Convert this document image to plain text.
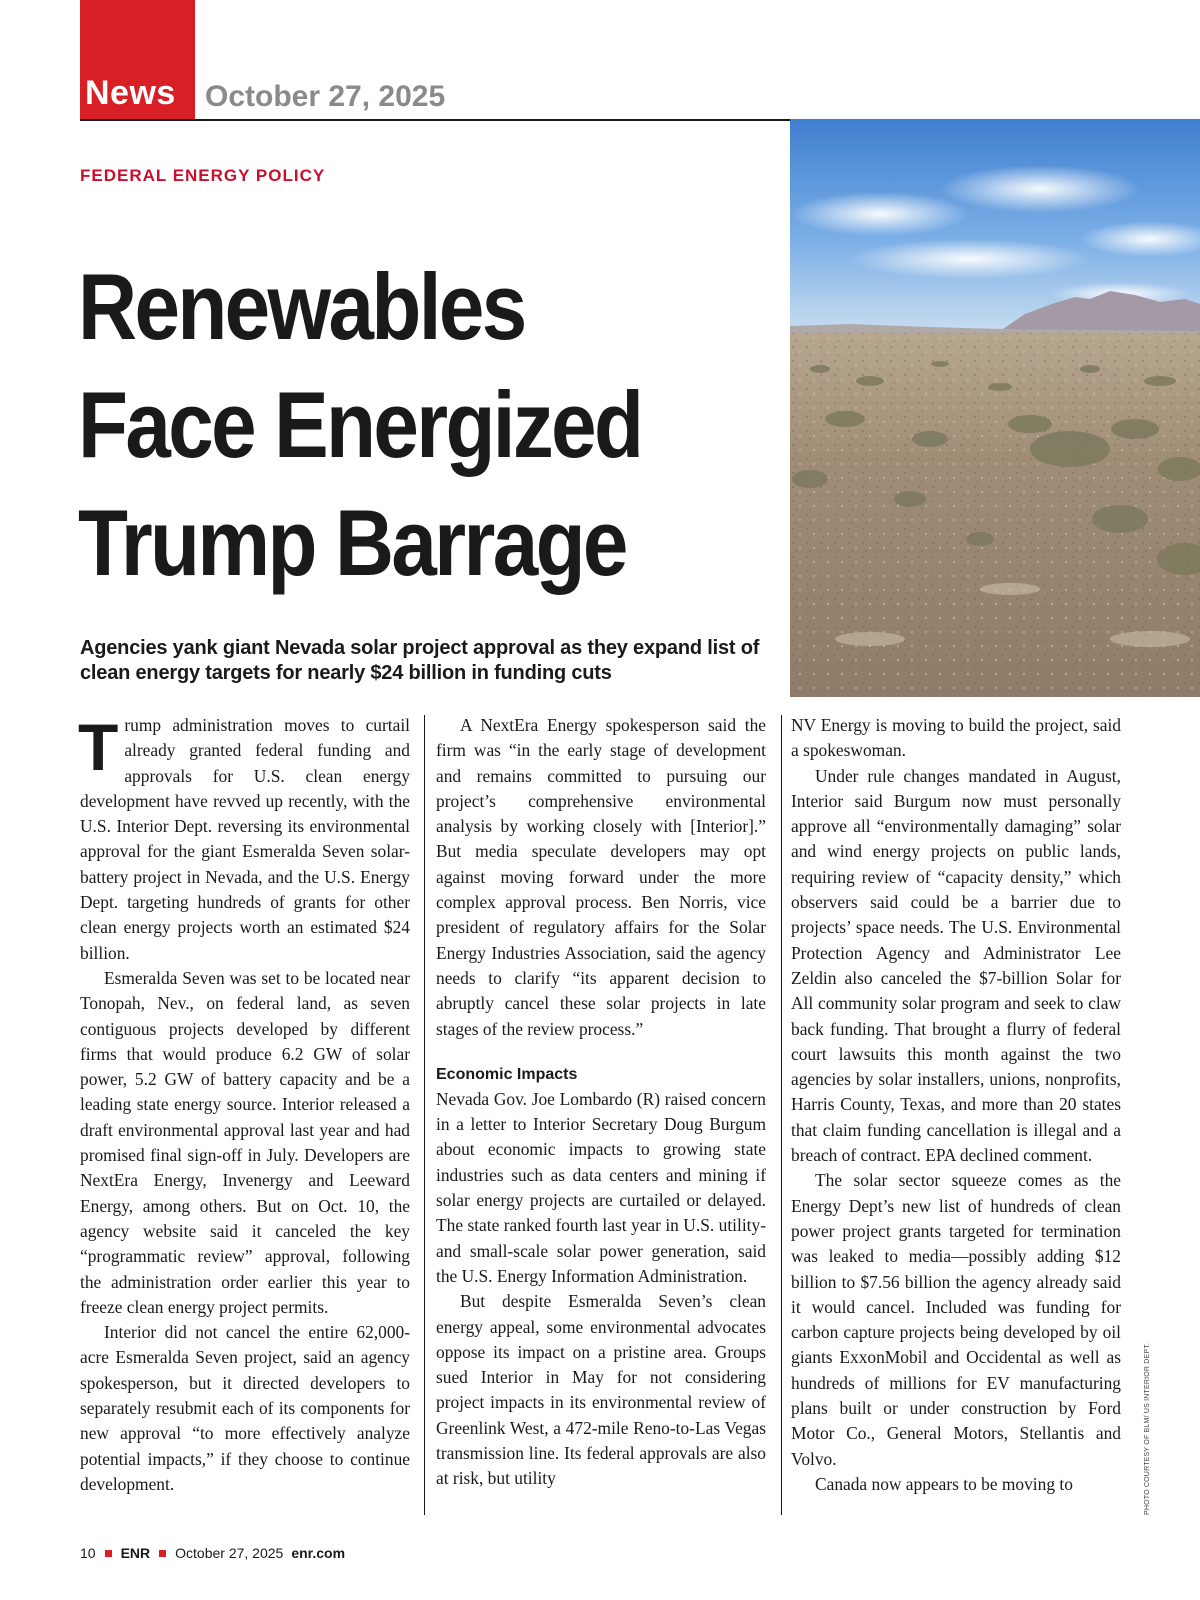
News October 27, 2025
FEDERAL ENERGY POLICY
Renewables
Face Energized
Trump Barrage
Agencies yank giant Nevada solar project approval as they expand list of clean energy targets for nearly $24 billion in funding cuts
PHOTO COURTESY OF BLM/ US INTERIOR DEPT.

Trump administration moves to curtail already granted federal funding and approvals for U.S. clean energy development have revved up recently, with the U.S. Interior Dept. reversing its environmental approval for the giant Esmeralda Seven solar-battery project in Nevada, and the U.S. Energy Dept. targeting hundreds of grants for other clean energy projects worth an estimated $24 billion.

Esmeralda Seven was set to be located near Tonopah, Nev., on federal land, as seven contiguous projects developed by different firms that would produce 6.2 GW of solar power, 5.2 GW of battery capacity and be a leading state energy source. Interior released a draft environmental approval last year and had promised final sign-off in July. Developers are NextEra Energy, Invenergy and Leeward Energy, among others. But on Oct. 10, the agency website said it canceled the key “programmatic review” approval, following the administration order earlier this year to freeze clean energy project permits.

Interior did not cancel the entire 62,000-acre Esmeralda Seven project, said an agency spokesperson, but it directed developers to separately resubmit each of its components for new approval “to more effectively analyze potential impacts,” if they choose to continue development.

A NextEra Energy spokesperson said the firm was “in the early stage of development and remains committed to pursuing our project’s comprehensive environmental analysis by working closely with [Interior].” But media speculate developers may opt against moving forward under the more complex approval process. Ben Norris, vice president of regulatory affairs for the Solar Energy Industries Association, said the agency needs to clarify “its apparent decision to abruptly cancel these solar projects in late stages of the review process.”

Economic Impacts

Nevada Gov. Joe Lombardo (R) raised concern in a letter to Interior Secretary Doug Burgum about economic impacts to growing state industries such as data centers and mining if solar energy projects are curtailed or delayed. The state ranked fourth last year in U.S. utility- and small-scale solar power generation, said the U.S. Energy Information Administration.

But despite Esmeralda Seven’s clean energy appeal, some environmental advocates oppose its impact on a pristine area. Groups sued Interior in May for not considering project impacts in its environmental review of Greenlink West, a 472-mile Reno-to-Las Vegas transmission line. Its federal approvals are also at risk, but utility

NV Energy is moving to build the project, said a spokeswoman.

Under rule changes mandated in August, Interior said Burgum now must personally approve all “environmentally damaging” solar and wind energy projects on public lands, requiring review of “capacity density,” which observers said could be a barrier due to projects’ space needs. The U.S. Environmental Protection Agency and Administrator Lee Zeldin also canceled the $7-billion Solar for All community solar program and seek to claw back funding. That brought a flurry of federal court lawsuits this month against the two agencies by solar installers, unions, nonprofits, Harris County, Texas, and more than 20 states that claim funding cancellation is illegal and a breach of contract. EPA declined comment.

The solar sector squeeze comes as the Energy Dept’s new list of hundreds of clean power project grants targeted for termination was leaked to media—possibly adding $12 billion to $7.56 billion the agency already said it would cancel. Included was funding for carbon capture projects being developed by oil giants ExxonMobil and Occidental as well as hundreds of millions for EV manufacturing plans built or under construction by Ford Motor Co., General Motors, Stellantis and Volvo.

Canada now appears to be moving to

10 ENR October 27, 2025 enr.com
